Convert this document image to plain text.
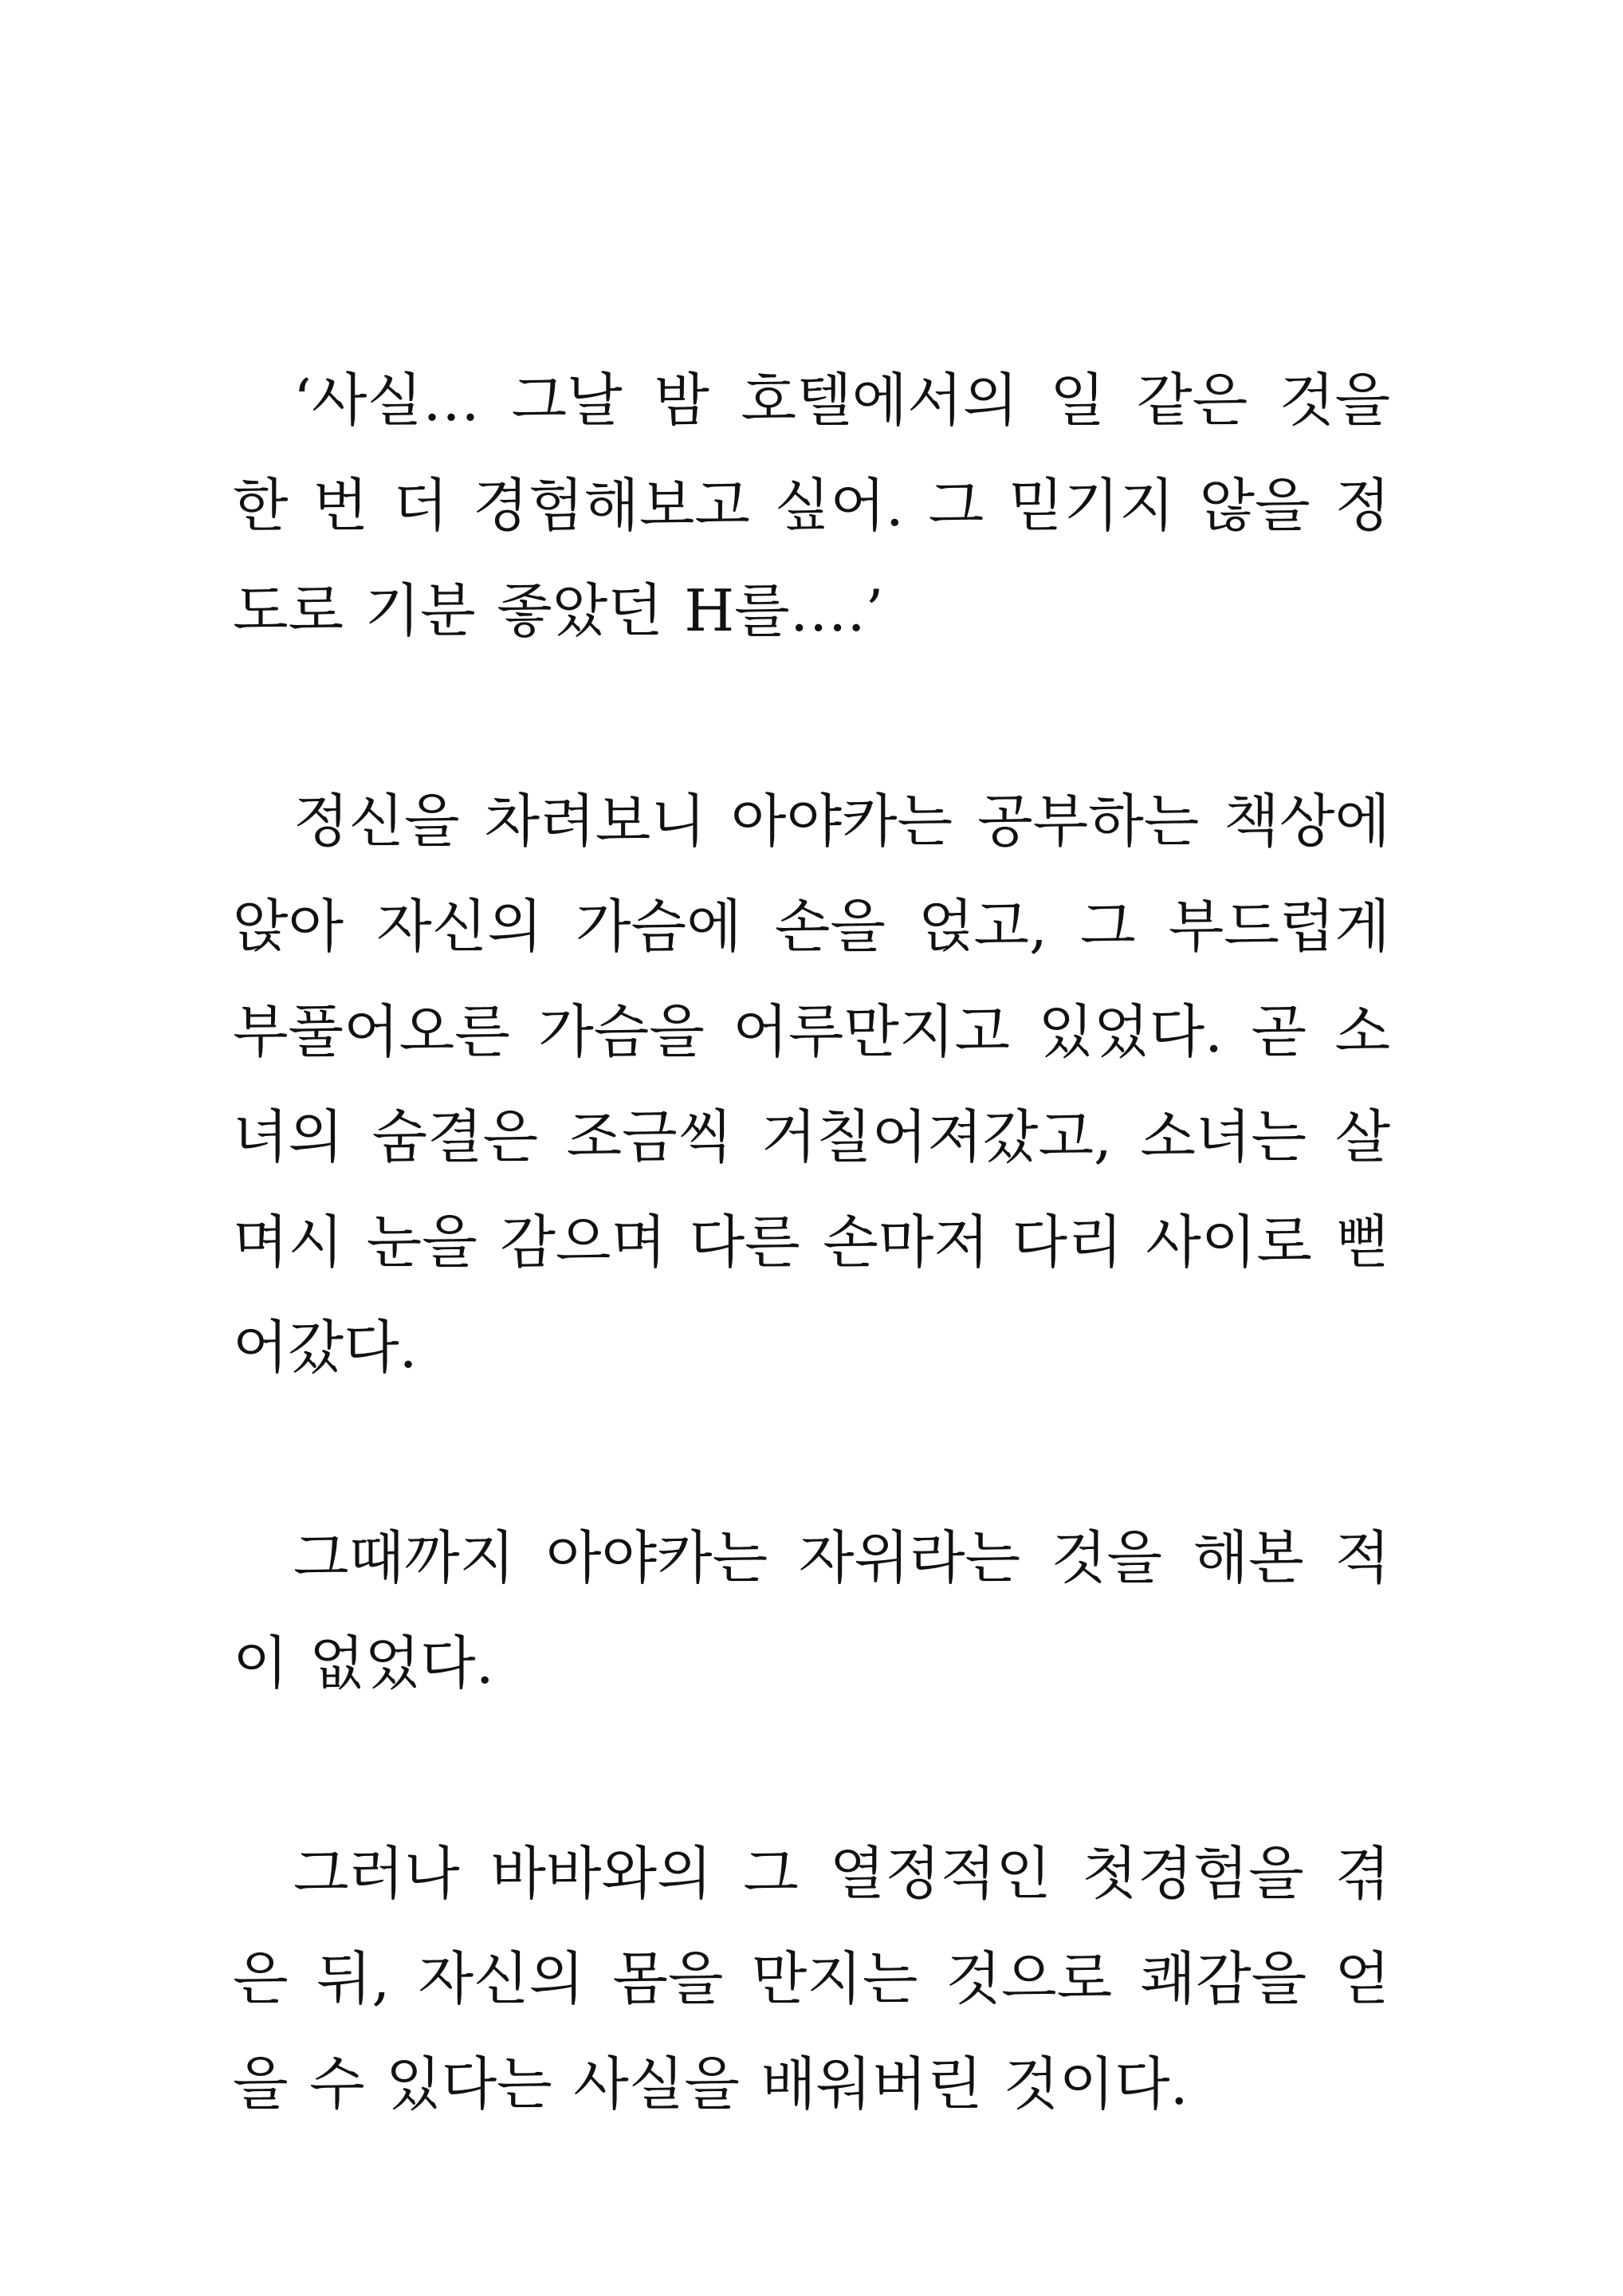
‘사실… 그날 밤 호텔에서의 일 같은 것을 한 번 더 경험해보고 싶어. 그 믿기지 않을 정도로 기분 좋았던 H를….’

정신을 차려보니 아야카는 공부하는 책상에 앉아 자신의 가슴에 손을 얹고, 그 부드럽게 부풀어오른 가슴을 어루만지고 있었다. 곧 소녀의 숨결은 조금씩 거칠어져갔고, 소녀는 살며시 눈을 감으며 다른 손마저 다리 사이로 뻗어갔다.

그때까지 아야카는 자위라는 것을 해본 적이 없었다.

그러나 바바와의 그 열정적인 첫경험을 겪은 뒤, 자신의 몸을 만지는 것으로 쾌감을 얻을 수 있다는 사실을 배워버린 것이다.
